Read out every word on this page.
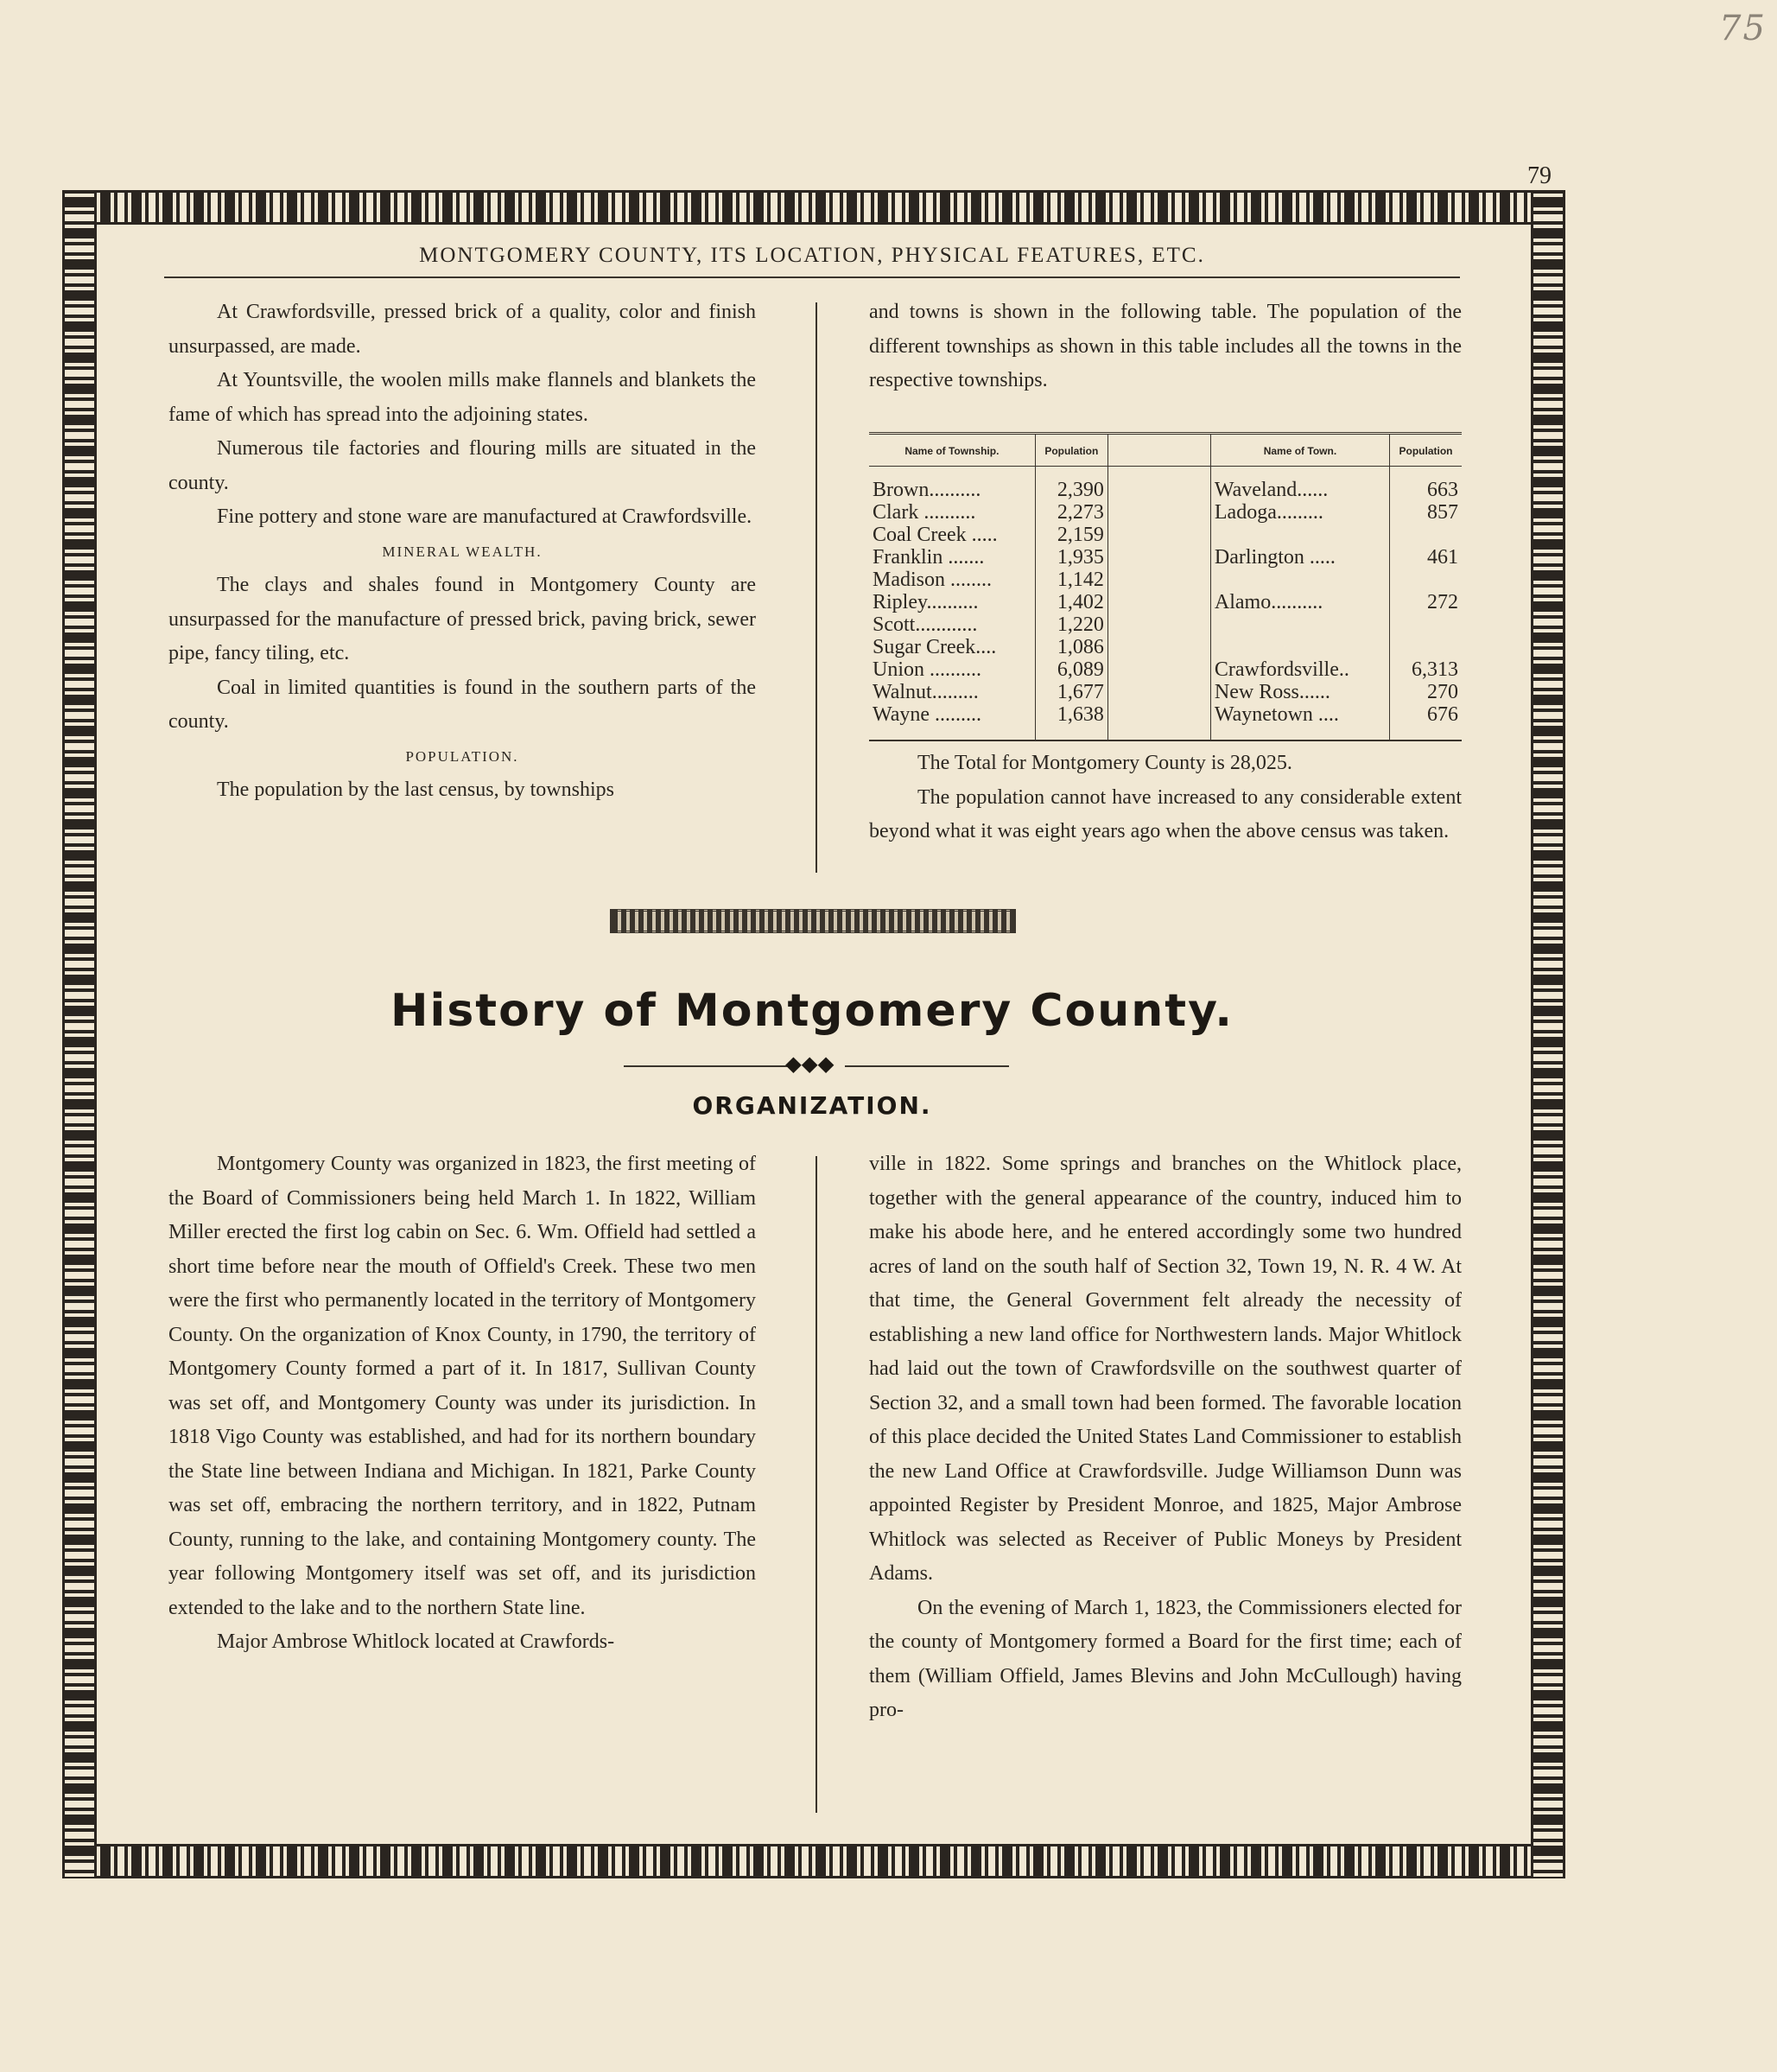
75
79
MONTGOMERY COUNTY, ITS LOCATION, PHYSICAL FEATURES, ETC.

At Crawfordsville, pressed brick of a quality, color and finish unsurpassed, are made.

At Yountsville, the woolen mills make flannels and blankets the fame of which has spread into the adjoining states.

Numerous tile factories and flouring mills are situated in the county.

Fine pottery and stone ware are manufactured at Crawfordsville.

MINERAL WEALTH.

The clays and shales found in Montgomery County are unsurpassed for the manufacture of pressed brick, paving brick, sewer pipe, fancy tiling, etc.

Coal in limited quantities is found in the southern parts of the county.

POPULATION.

The population by the last census, by townships

and towns is shown in the following table. The population of the different townships as shown in this table includes all the towns in the respective townships.

Name of Township.	Population		Name of Town.	Population
Brown..........	2,390		Waveland......	663
Clark ..........	2,273		Ladoga.........	857
Coal Creek .....	2,159			
Franklin .......	1,935		Darlington .....	461
Madison ........	1,142			
Ripley..........	1,402		Alamo..........	272
Scott............	1,220			
Sugar Creek....	1,086			
Union ..........	6,089		Crawfordsville..	6,313
Walnut.........	1,677		New Ross......	270
Wayne .........	1,638		Waynetown ....	676

The Total for Montgomery County is 28,025.

The population cannot have increased to any considerable extent beyond what it was eight years ago when the above census was taken.

History of Montgomery County.
⯁⯁⯁
ORGANIZATION.

Montgomery County was organized in 1823, the first meeting of the Board of Commissioners being held March 1. In 1822, William Miller erected the first log cabin on Sec. 6. Wm. Offield had settled a short time before near the mouth of Offield's Creek. These two men were the first who permanently located in the territory of Montgomery County. On the organization of Knox County, in 1790, the territory of Montgomery County formed a part of it. In 1817, Sullivan County was set off, and Montgomery County was under its jurisdiction. In 1818 Vigo County was established, and had for its northern boundary the State line between Indiana and Michigan. In 1821, Parke County was set off, embracing the northern territory, and in 1822, Putnam County, running to the lake, and containing Montgomery county. The year following Montgomery itself was set off, and its jurisdiction extended to the lake and to the northern State line.

Major Ambrose Whitlock located at Crawfords-

ville in 1822. Some springs and branches on the Whitlock place, together with the general appearance of the country, induced him to make his abode here, and he entered accordingly some two hundred acres of land on the south half of Section 32, Town 19, N. R. 4 W. At that time, the General Government felt already the necessity of establishing a new land office for Northwestern lands. Major Whitlock had laid out the town of Crawfordsville on the southwest quarter of Section 32, and a small town had been formed. The favorable location of this place decided the United States Land Commissioner to establish the new Land Office at Crawfordsville. Judge Williamson Dunn was appointed Register by President Monroe, and 1825, Major Ambrose Whitlock was selected as Receiver of Public Moneys by President Adams.

On the evening of March 1, 1823, the Commissioners elected for the county of Montgomery formed a Board for the first time; each of them (William Offield, James Blevins and John McCullough) having pro-
